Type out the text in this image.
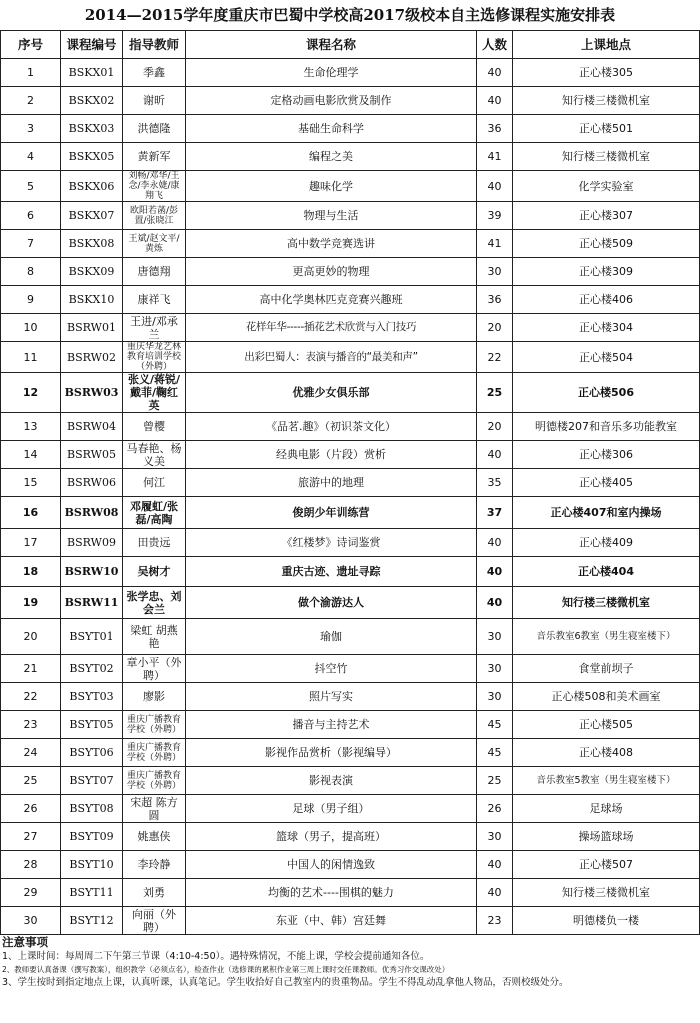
2014—2015学年度重庆市巴蜀中学校高2017级校本自主选修课程实施安排表
序号	课程编号	指导教师	课程名称	人数	上课地点
1	BSKX01	季鑫	生命伦理学	40	正心楼305
2	BSKX02	谢昕	定格动画电影欣赏及制作	40	知行楼三楼微机室
3	BSKX03	洪德隆	基础生命科学	36	正心楼501
4	BSKX05	黄新军	编程之美	41	知行楼三楼微机室
5	BSKX06	刘畅/邓华/王念/李永婕/康翔飞	趣味化学	40	化学实验室
6	BSKX07	欧阳若菡/彭置/张晓江	物理与生活	39	正心楼307
7	BSKX08	王斌/赵文平/黄炼	高中数学竞赛选讲	41	正心楼509
8	BSKX09	唐德翔	更高更妙的物理	30	正心楼309
9	BSKX10	康祥飞	高中化学奥林匹克竞赛兴趣班	36	正心楼406
10	BSRW01	王进/邓承兰	花样年华-----插花艺术欣赏与入门技巧	20	正心楼304
11	BSRW02	重庆华龙艺林教育培训学校（外聘）	出彩巴蜀人：表演与播音的“最美和声”	22	正心楼504
12	BSRW03	张义/蒋锐/戴菲/鞠红英	优雅少女俱乐部	25	正心楼506
13	BSRW04	曾樱	《品茗.趣》（初识茶文化）	20	明德楼207和音乐多功能教室
14	BSRW05	马春艳、杨义美	经典电影（片段）赏析	40	正心楼306
15	BSRW06	何江	旅游中的地理	35	正心楼405
16	BSRW08	邓履虹/张磊/高陶	俊朗少年训练营	37	正心楼407和室内操场
17	BSRW09	田贵远	《红楼梦》诗词鉴赏	40	正心楼409
18	BSRW10	吴树才	重庆古迹、遗址寻踪	40	正心楼404
19	BSRW11	张学忠、刘会兰	做个渝游达人	40	知行楼三楼微机室
20	BSYT01	梁虹 胡燕艳	瑜伽	30	音乐教室6教室（男生寝室楼下）
21	BSYT02	章小平（外聘）	抖空竹	30	食堂前坝子
22	BSYT03	廖影	照片写实	30	正心楼508和美术画室
23	BSYT05	重庆广播教育学校（外聘）	播音与主持艺术	45	正心楼505
24	BSYT06	重庆广播教育学校（外聘）	影视作品赏析（影视编导）	45	正心楼408
25	BSYT07	重庆广播教育学校（外聘）	影视表演	25	音乐教室5教室（男生寝室楼下）
26	BSYT08	宋超 陈方圆	足球（男子组）	26	足球场
27	BSYT09	姚惠侠	篮球（男子，提高班）	30	操场篮球场
28	BSYT10	李玲静	中国人的闲情逸致	40	正心楼507
29	BSYT11	刘勇	均衡的艺术----围棋的魅力	40	知行楼三楼微机室
30	BSYT12	向丽（外聘）	东亚（中、韩）宫廷舞	23	明德楼负一楼
注意事项
1、上课时间：每周周二下午第三节课（4:10-4:50）。遇特殊情况，不能上课，学校会提前通知各位。
2、教师要认真备课（撰写教案），组织教学（必须点名），检查作业（选修课的累积作业第三周上课时交任课教师。优秀习作交课改处）
3、学生按时到指定地点上课，认真听课，认真笔记。学生收拾好自己教室内的贵重物品。学生不得乱动乱拿他人物品，否则校级处分。
